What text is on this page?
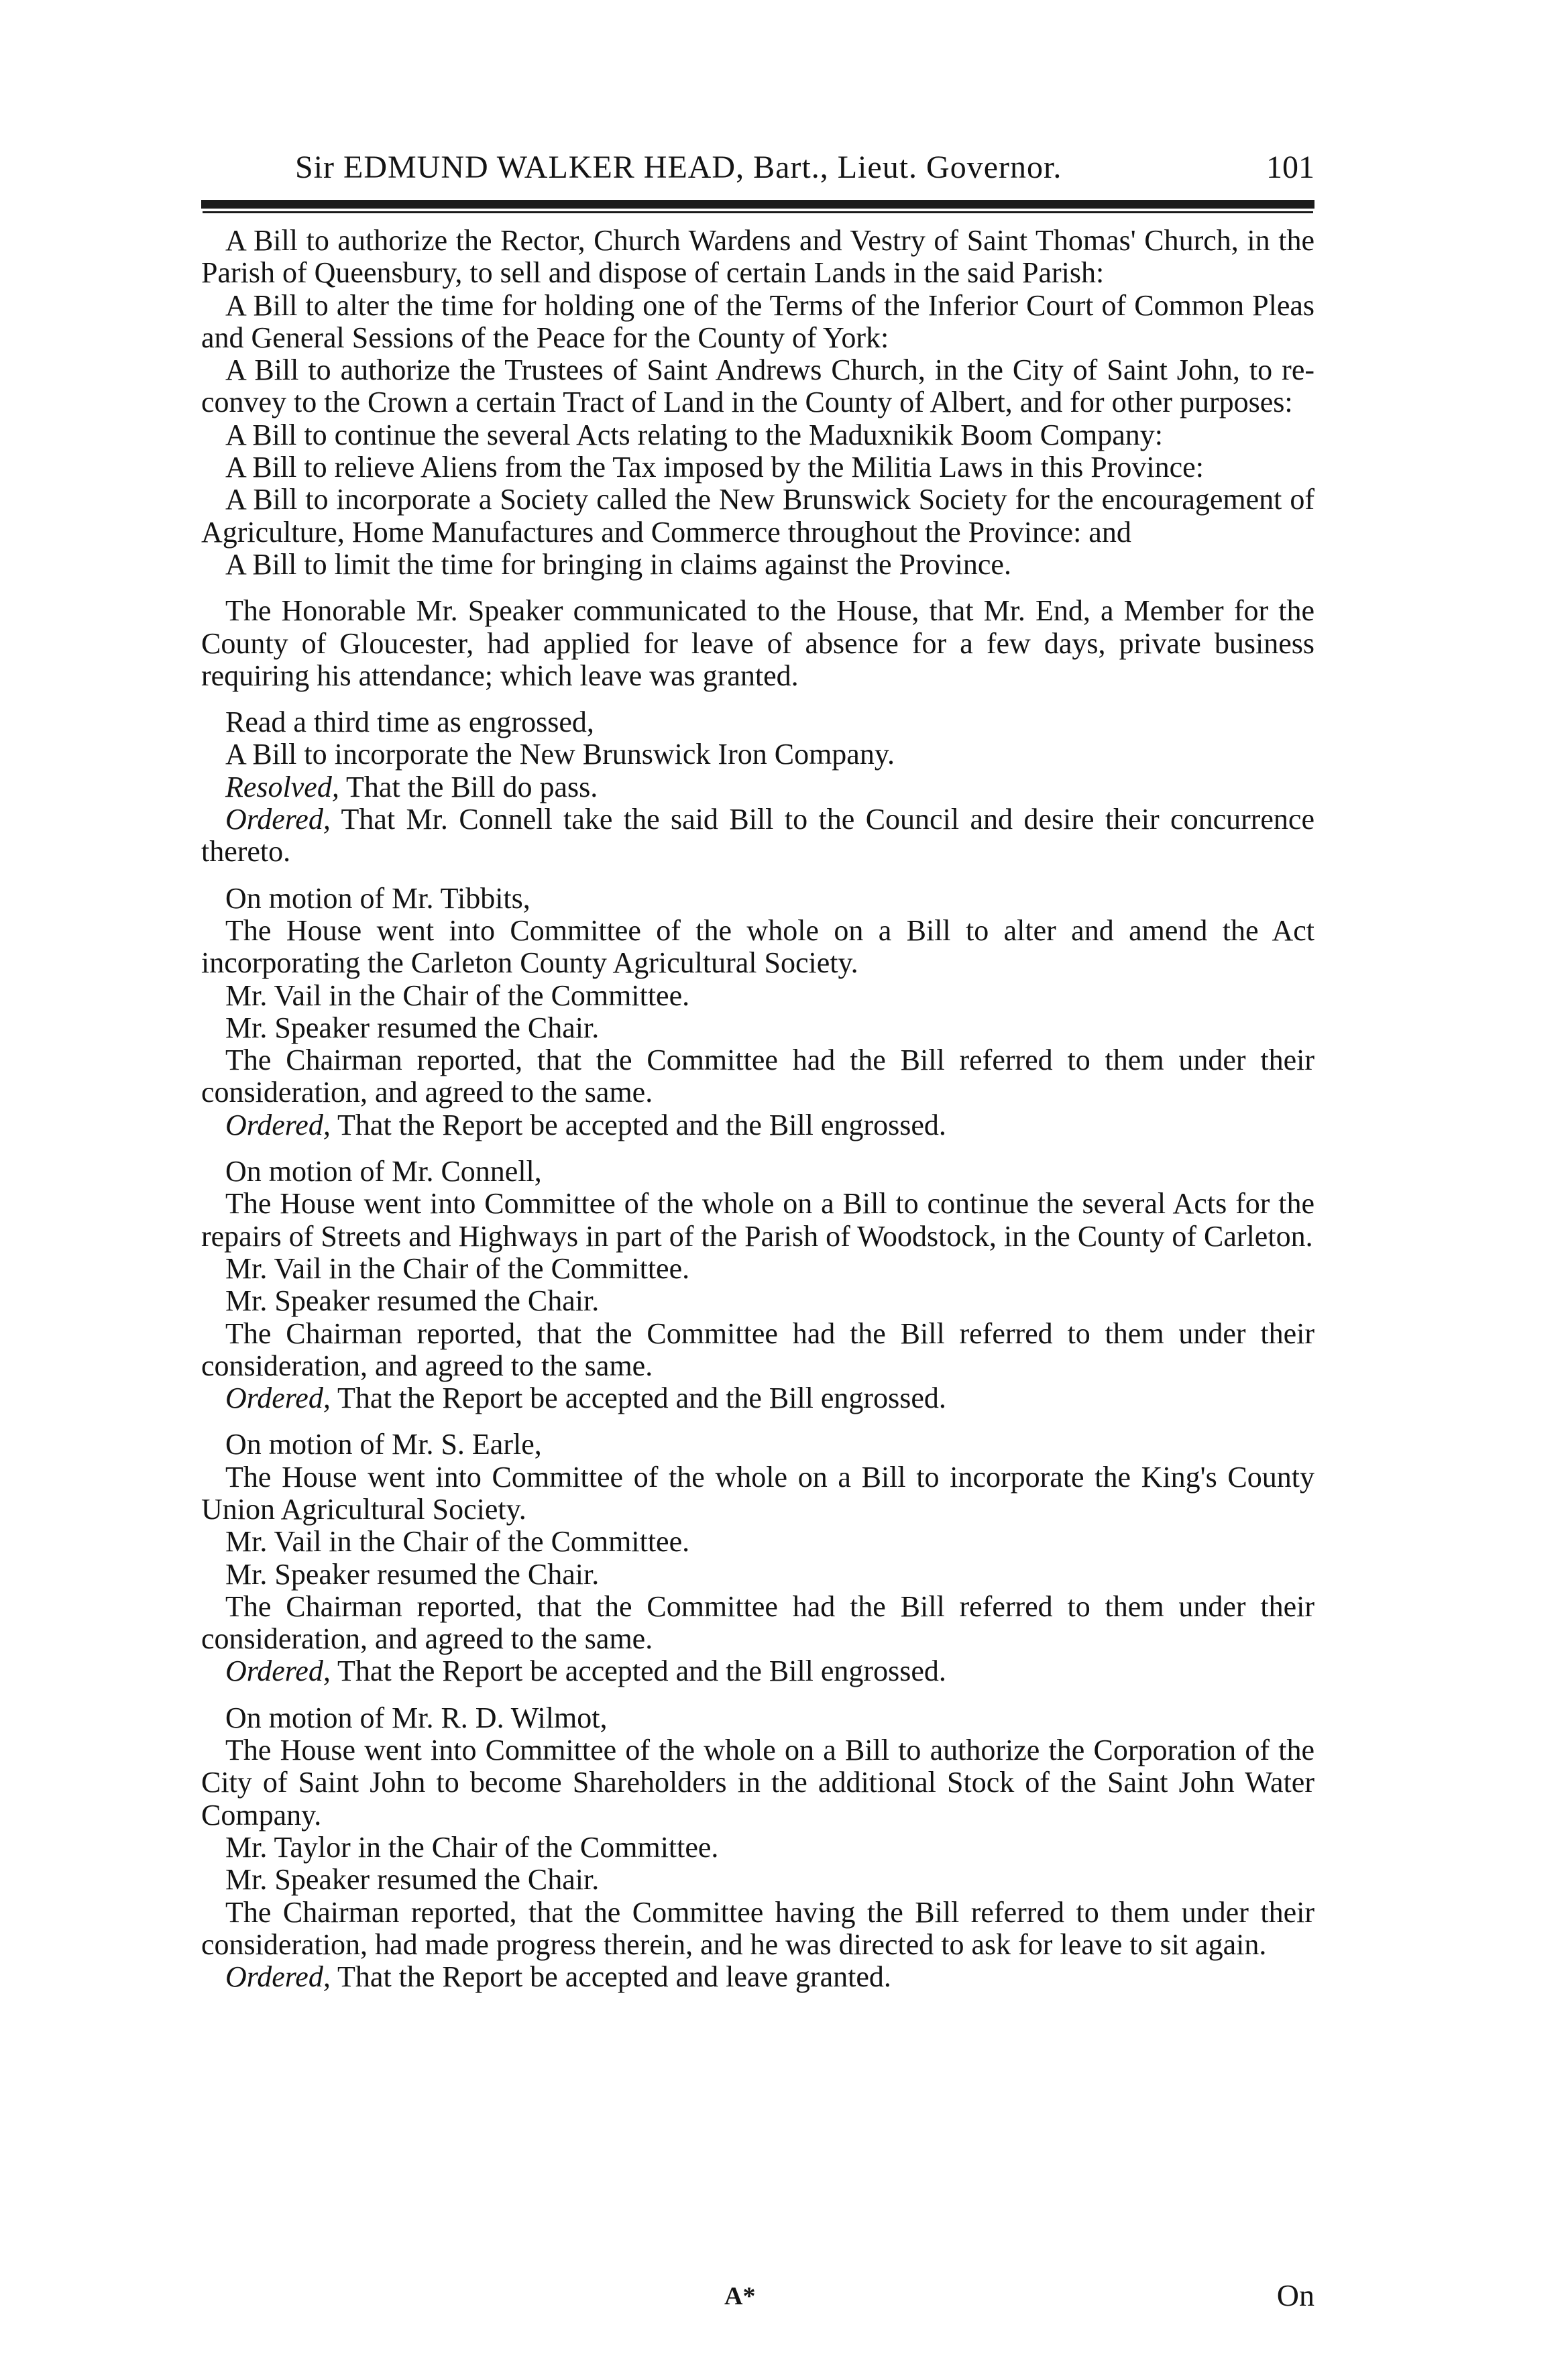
Sir EDMUND WALKER HEAD, Bart., Lieut. Governor.	101

A Bill to authorize the Rector, Church Wardens and Vestry of Saint Thomas' Church, in the Parish of Queensbury, to sell and dispose of certain Lands in the said Parish:

A Bill to alter the time for holding one of the Terms of the Inferior Court of Common Pleas and General Sessions of the Peace for the County of York:

A Bill to authorize the Trustees of Saint Andrews Church, in the City of Saint John, to re-convey to the Crown a certain Tract of Land in the County of Albert, and for other purposes:

A Bill to continue the several Acts relating to the Maduxnikik Boom Company:

A Bill to relieve Aliens from the Tax imposed by the Militia Laws in this Province:

A Bill to incorporate a Society called the New Brunswick Society for the encouragement of Agriculture, Home Manufactures and Commerce throughout the Province: and

A Bill to limit the time for bringing in claims against the Province.

The Honorable Mr. Speaker communicated to the House, that Mr. End, a Member for the County of Gloucester, had applied for leave of absence for a few days, private business requiring his attendance; which leave was granted.

Read a third time as engrossed,

A Bill to incorporate the New Brunswick Iron Company.

Resolved, That the Bill do pass.

Ordered, That Mr. Connell take the said Bill to the Council and desire their concurrence thereto.

On motion of Mr. Tibbits,

The House went into Committee of the whole on a Bill to alter and amend the Act incorporating the Carleton County Agricultural Society.

Mr. Vail in the Chair of the Committee.

Mr. Speaker resumed the Chair.

The Chairman reported, that the Committee had the Bill referred to them under their consideration, and agreed to the same.

Ordered, That the Report be accepted and the Bill engrossed.

On motion of Mr. Connell,

The House went into Committee of the whole on a Bill to continue the several Acts for the repairs of Streets and Highways in part of the Parish of Woodstock, in the County of Carleton.

Mr. Vail in the Chair of the Committee.

Mr. Speaker resumed the Chair.

The Chairman reported, that the Committee had the Bill referred to them under their consideration, and agreed to the same.

Ordered, That the Report be accepted and the Bill engrossed.

On motion of Mr. S. Earle,

The House went into Committee of the whole on a Bill to incorporate the King's County Union Agricultural Society.

Mr. Vail in the Chair of the Committee.

Mr. Speaker resumed the Chair.

The Chairman reported, that the Committee had the Bill referred to them under their consideration, and agreed to the same.

Ordered, That the Report be accepted and the Bill engrossed.

On motion of Mr. R. D. Wilmot,

The House went into Committee of the whole on a Bill to authorize the Corporation of the City of Saint John to become Shareholders in the additional Stock of the Saint John Water Company.

Mr. Taylor in the Chair of the Committee.

Mr. Speaker resumed the Chair.

The Chairman reported, that the Committee having the Bill referred to them under their consideration, had made progress therein, and he was directed to ask for leave to sit again.

Ordered, That the Report be accepted and leave granted.

A*	On
